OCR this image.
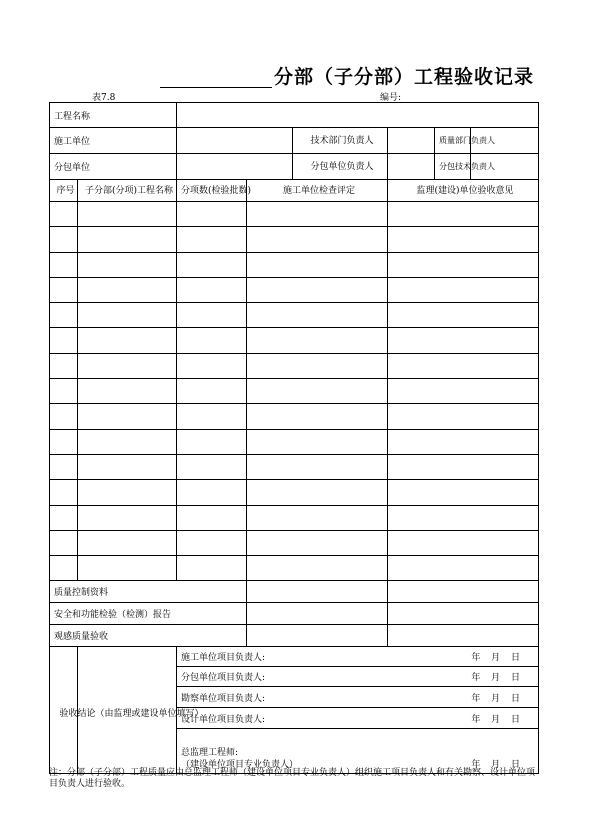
分部（子分部）工程验收记录
表7.8	编号:
工程名称							
施工单位				技术部门负责人		质量部门负责人	
分包单位				分包单位负责人		分包技术负责人	
序号	子分部(分项)工程名称	分项数(检验批数)	施工单位检查评定		监理(建设)单位验收意见		

质量控制资料							
安全和功能检验（检测）报告							
观感质量验收							

验收结论（由监理或建设单位填写）		施工单位项目负责人: 年 月 日					

		分包单位项目负责人: 年 月 日					

		勘察单位项目负责人: 年 月 日					

		设计单位项目负责人: 年 月 日					

		总监理工程师:
（建设单位项目专业负责人） 年 月 日					
注：分部（子分部）工程质量应由总监理工程师（建设单位项目专业负责人）组织施工项目负责人和有关勘察、设计单位项目负责人进行验收。
